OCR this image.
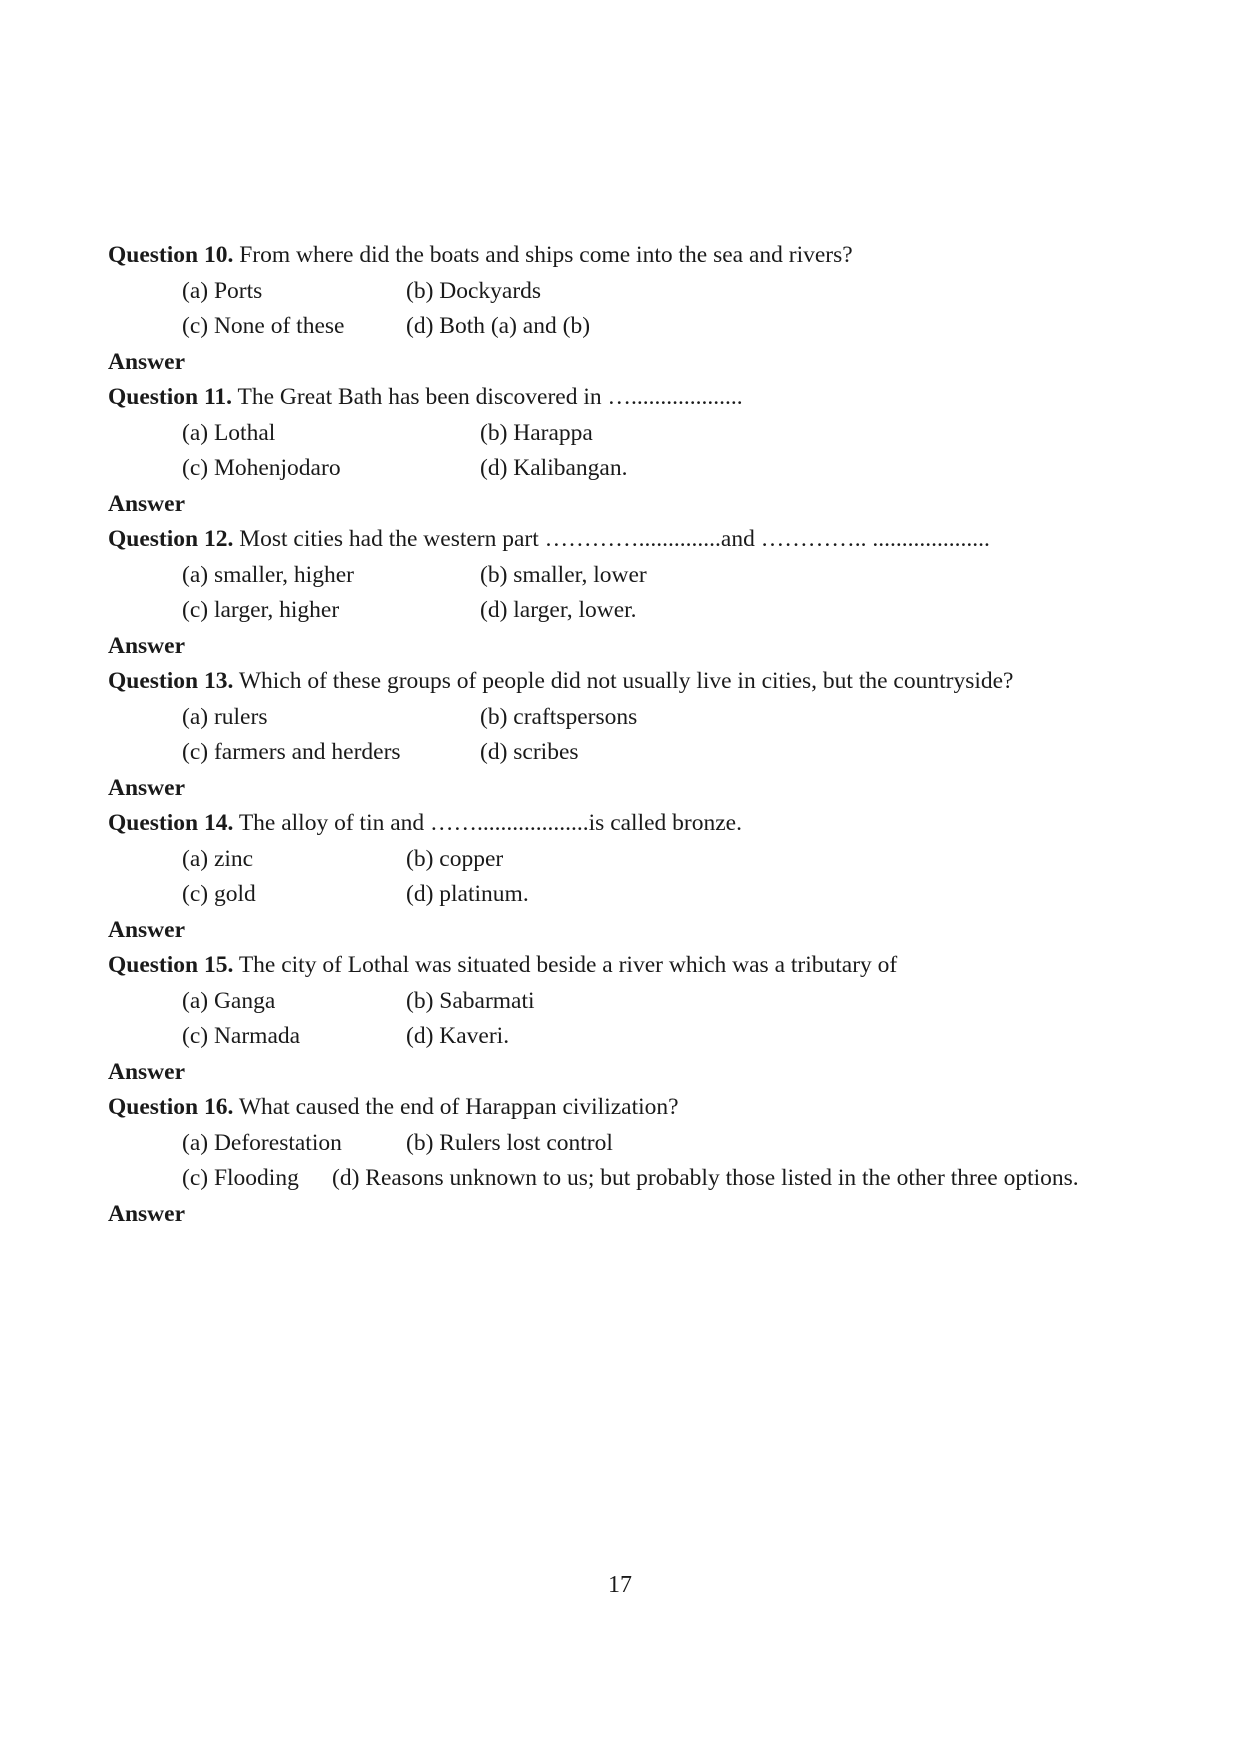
Question 10. From where did the boats and ships come into the sea and rivers?
(a) Ports	(b) Dockyards
(c) None of these	(d) Both (a) and (b)
Answer
Question 11. The Great Bath has been discovered in …...................
(a) Lothal	(b) Harappa
(c) Mohenjodaro	(d) Kalibangan.
Answer
Question 12. Most cities had the western part …………..............and ………….. ....................
(a) smaller, higher	(b) smaller, lower
(c) larger, higher	(d) larger, lower.
Answer
Question 13. Which of these groups of people did not usually live in cities, but the countryside?
(a) rulers	(b) craftspersons
(c) farmers and herders	(d) scribes
Answer
Question 14. The alloy of tin and ……...................is called bronze.
(a) zinc	(b) copper
(c) gold	(d) platinum.
Answer
Question 15. The city of Lothal was situated beside a river which was a tributary of
(a) Ganga	(b) Sabarmati
(c) Narmada	(d) Kaveri.
Answer
Question 16. What caused the end of Harappan civilization?
(a) Deforestation	(b) Rulers lost control
(c) Flooding (d) Reasons unknown to us; but probably those listed in the other three options.
Answer
17
